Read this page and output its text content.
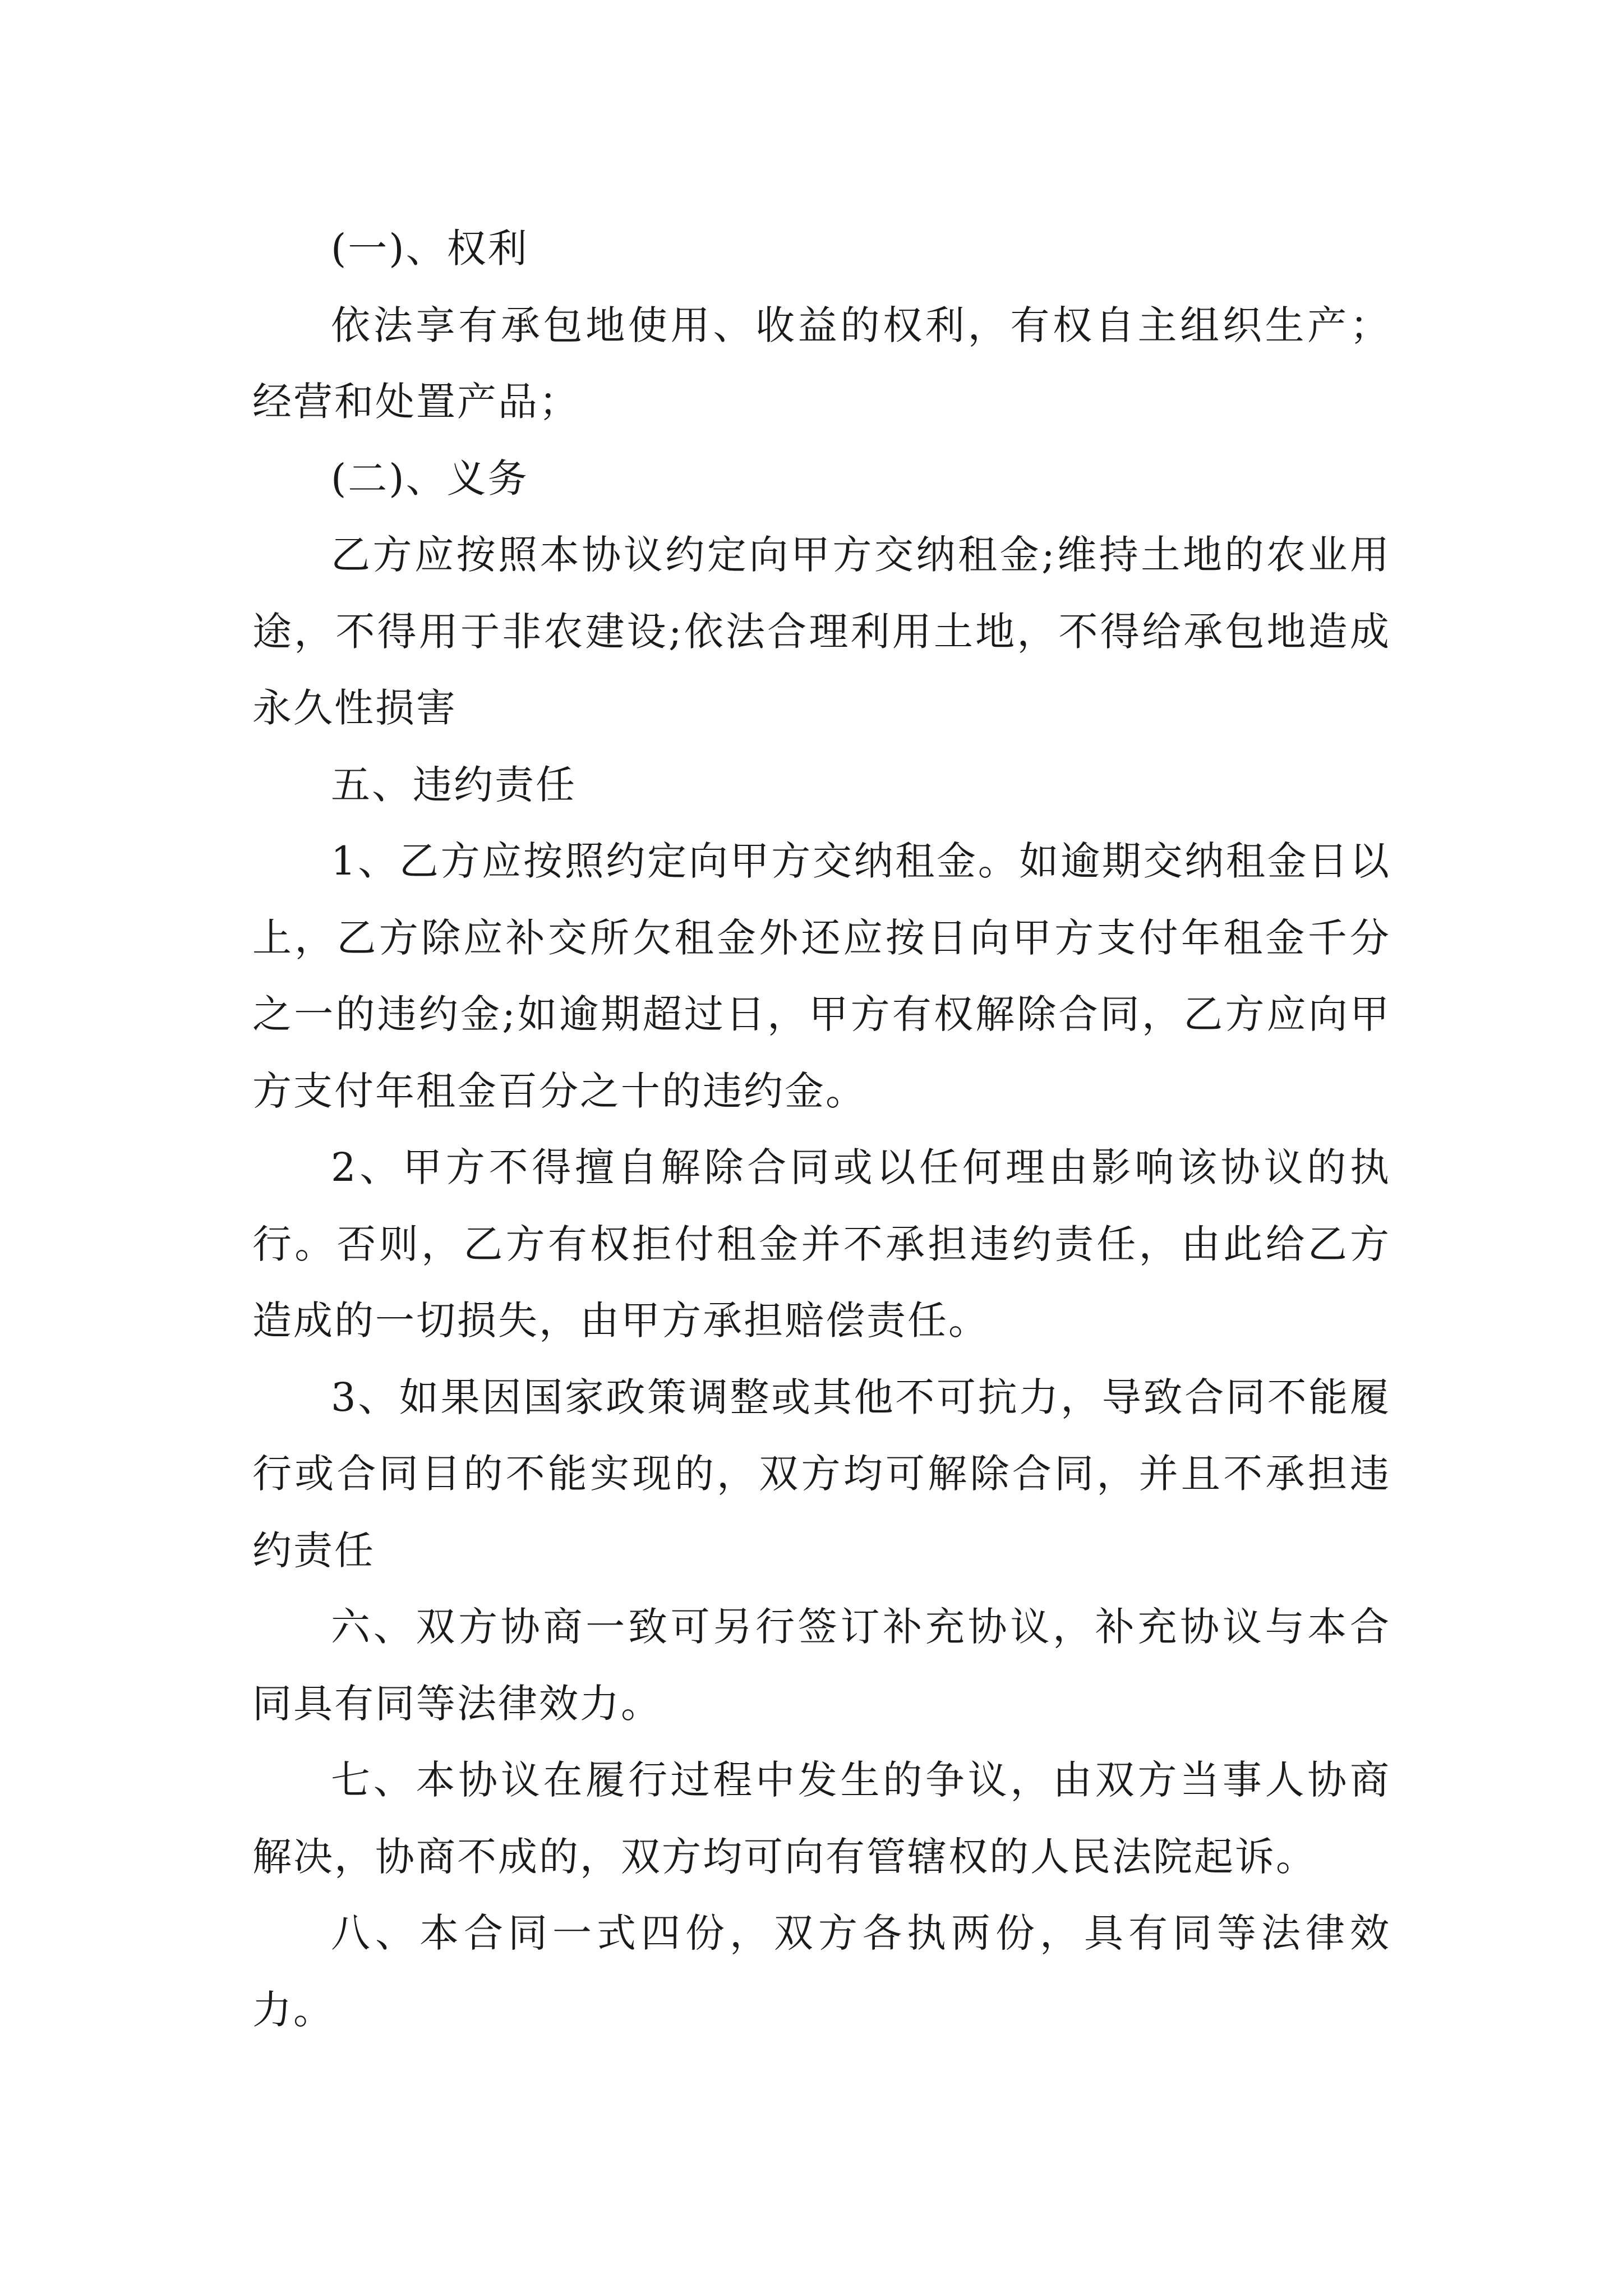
(一)、权利

依法享有承包地使用、收益的权利，有权自主组织生产；经营和处置产品；

(二)、义务

乙方应按照本协议约定向甲方交纳租金;维持土地的农业用途，不得用于非农建设;依法合理利用土地，不得给承包地造成永久性损害

五、违约责任

1、乙方应按照约定向甲方交纳租金。如逾期交纳租金日以上，乙方除应补交所欠租金外还应按日向甲方支付年租金千分之一的违约金;如逾期超过日，甲方有权解除合同，乙方应向甲方支付年租金百分之十的违约金。

2、甲方不得擅自解除合同或以任何理由影响该协议的执行。否则，乙方有权拒付租金并不承担违约责任，由此给乙方造成的一切损失，由甲方承担赔偿责任。

3、如果因国家政策调整或其他不可抗力，导致合同不能履行或合同目的不能实现的，双方均可解除合同，并且不承担违约责任

六、双方协商一致可另行签订补充协议，补充协议与本合同具有同等法律效力。

七、本协议在履行过程中发生的争议，由双方当事人协商解决，协商不成的，双方均可向有管辖权的人民法院起诉。

八、本合同一式四份，双方各执两份，具有同等法律效力。
